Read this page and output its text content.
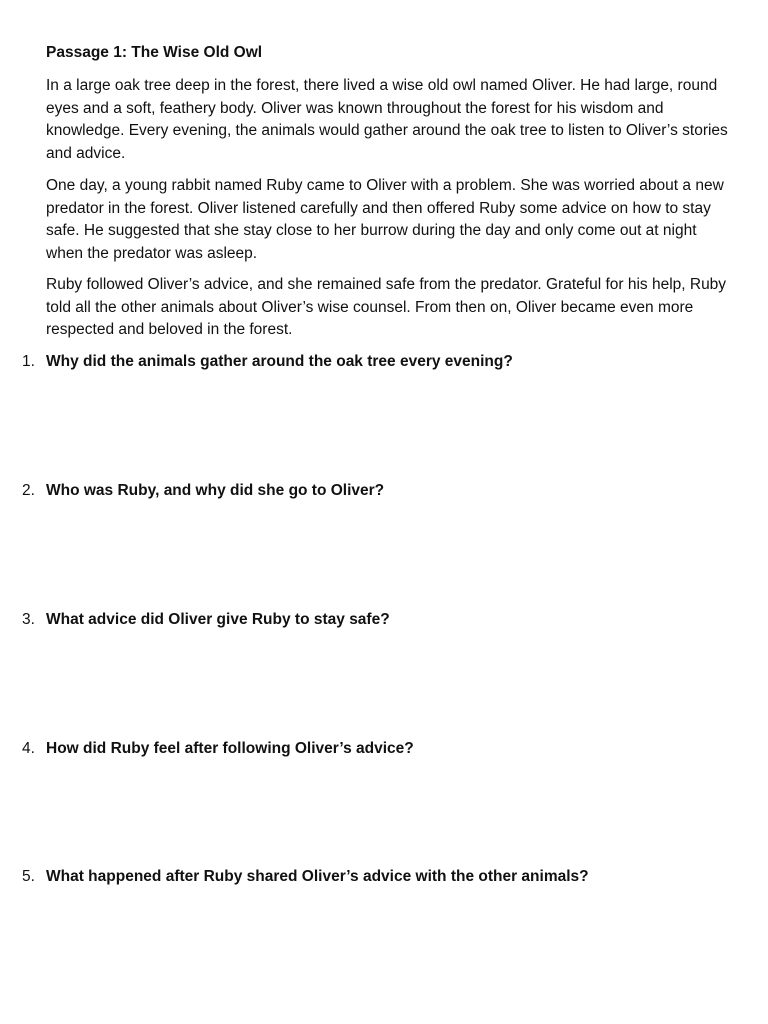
Passage 1: The Wise Old Owl

In a large oak tree deep in the forest, there lived a wise old owl named Oliver. He had large, round eyes and a soft, feathery body. Oliver was known throughout the forest for his wisdom and knowledge. Every evening, the animals would gather around the oak tree to listen to Oliver’s stories and advice.

One day, a young rabbit named Ruby came to Oliver with a problem. She was worried about a new predator in the forest. Oliver listened carefully and then offered Ruby some advice on how to stay safe. He suggested that she stay close to her burrow during the day and only come out at night when the predator was asleep.

Ruby followed Oliver’s advice, and she remained safe from the predator. Grateful for his help, Ruby told all the other animals about Oliver’s wise counsel. From then on, Oliver became even more respected and beloved in the forest.

1. Why did the animals gather around the oak tree every evening?
2. Who was Ruby, and why did she go to Oliver?
3. What advice did Oliver give Ruby to stay safe?
4. How did Ruby feel after following Oliver’s advice?
5. What happened after Ruby shared Oliver’s advice with the other animals?
